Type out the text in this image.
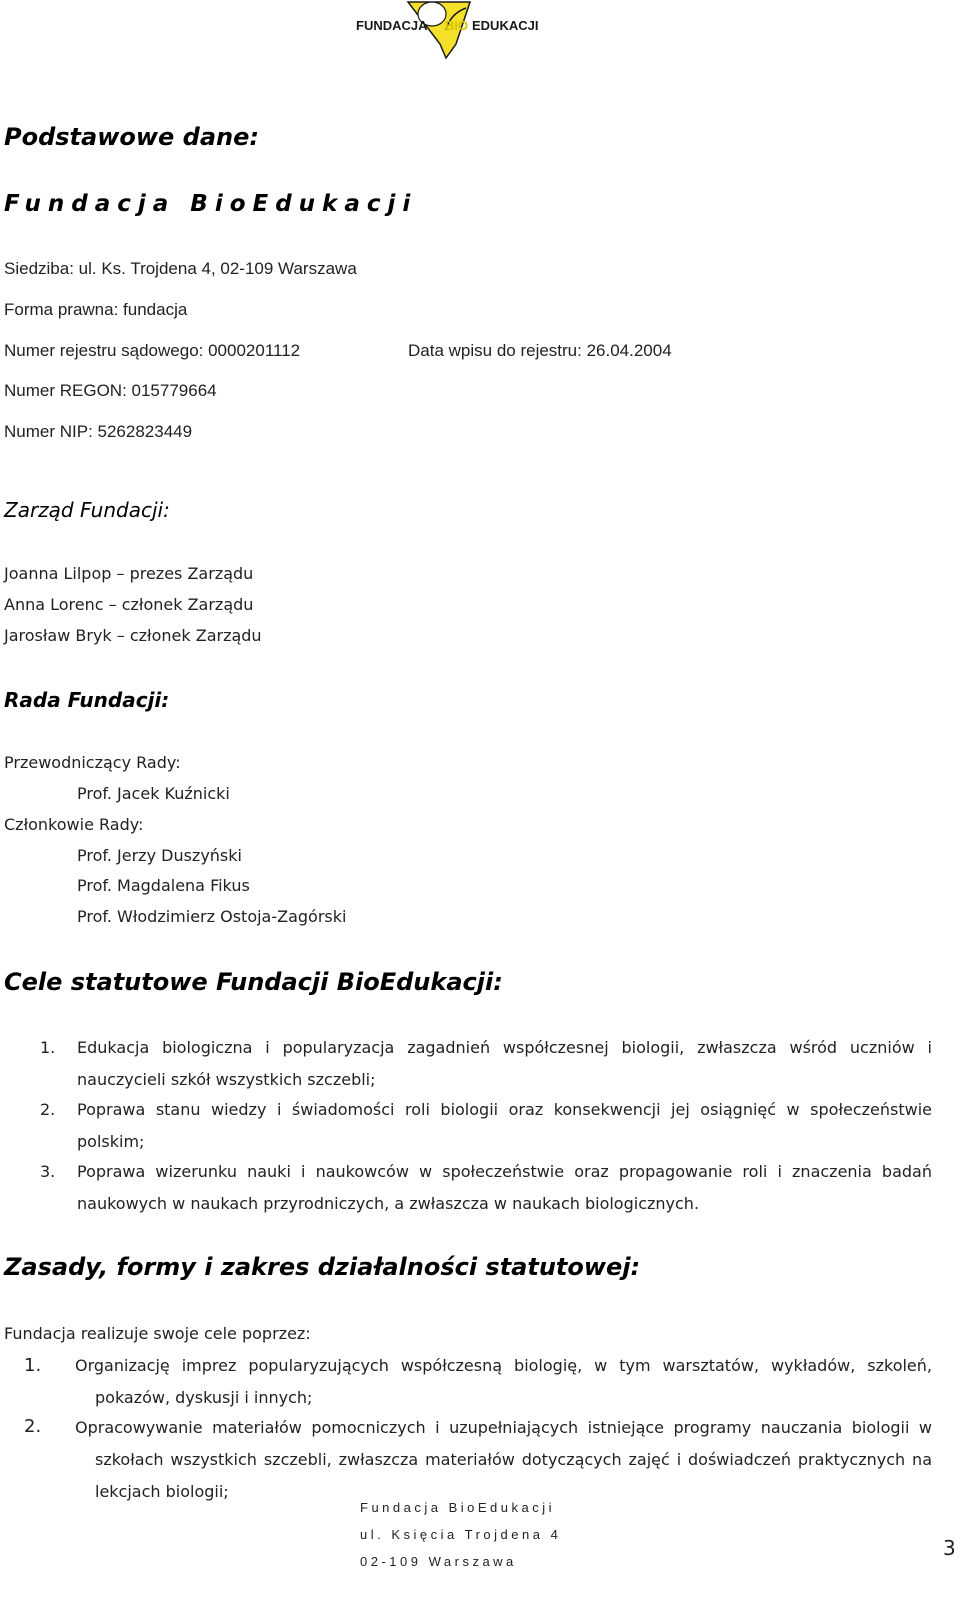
FUNDACJA BIO EDUKACJI
Podstawowe dane:
Fundacja BioEdukacji
Siedziba: ul. Ks. Trojdena 4, 02-109 Warszawa
Forma prawna: fundacja
Numer rejestru sądowego: 0000201112	Data wpisu do rejestru: 26.04.2004
Numer REGON: 015779664
Numer NIP: 5262823449
Zarząd Fundacji:
Joanna Lilpop – prezes Zarządu
Anna Lorenc – członek Zarządu
Jarosław Bryk – członek Zarządu
Rada Fundacji:
Przewodniczący Rady:
Prof. Jacek Kuźnicki
Członkowie Rady:
Prof. Jerzy Duszyński
Prof. Magdalena Fikus
Prof. Włodzimierz Ostoja-Zagórski
Cele statutowe Fundacji BioEdukacji:
1. Edukacja biologiczna i popularyzacja zagadnień współczesnej biologii, zwłaszcza wśród uczniów i nauczycieli szkół wszystkich szczebli;
2. Poprawa stanu wiedzy i świadomości roli biologii oraz konsekwencji jej osiągnięć w społeczeństwie polskim;
3. Poprawa wizerunku nauki i naukowców w społeczeństwie oraz propagowanie roli i znaczenia badań naukowych w naukach przyrodniczych, a zwłaszcza w naukach biologicznych.
Zasady, formy i zakres działalności statutowej:
Fundacja realizuje swoje cele poprzez:
1. Organizację imprez popularyzujących współczesną biologię, w tym warsztatów, wykładów, szkoleń, pokazów, dyskusji i innych;
2. Opracowywanie materiałów pomocniczych i uzupełniających istniejące programy nauczania biologii w szkołach wszystkich szczebli, zwłaszcza materiałów dotyczących zajęć i doświadczeń praktycznych na lekcjach biologii;
Fundacja BioEdukacji
ul. Księcia Trojdena 4
02-109 Warszawa
3
